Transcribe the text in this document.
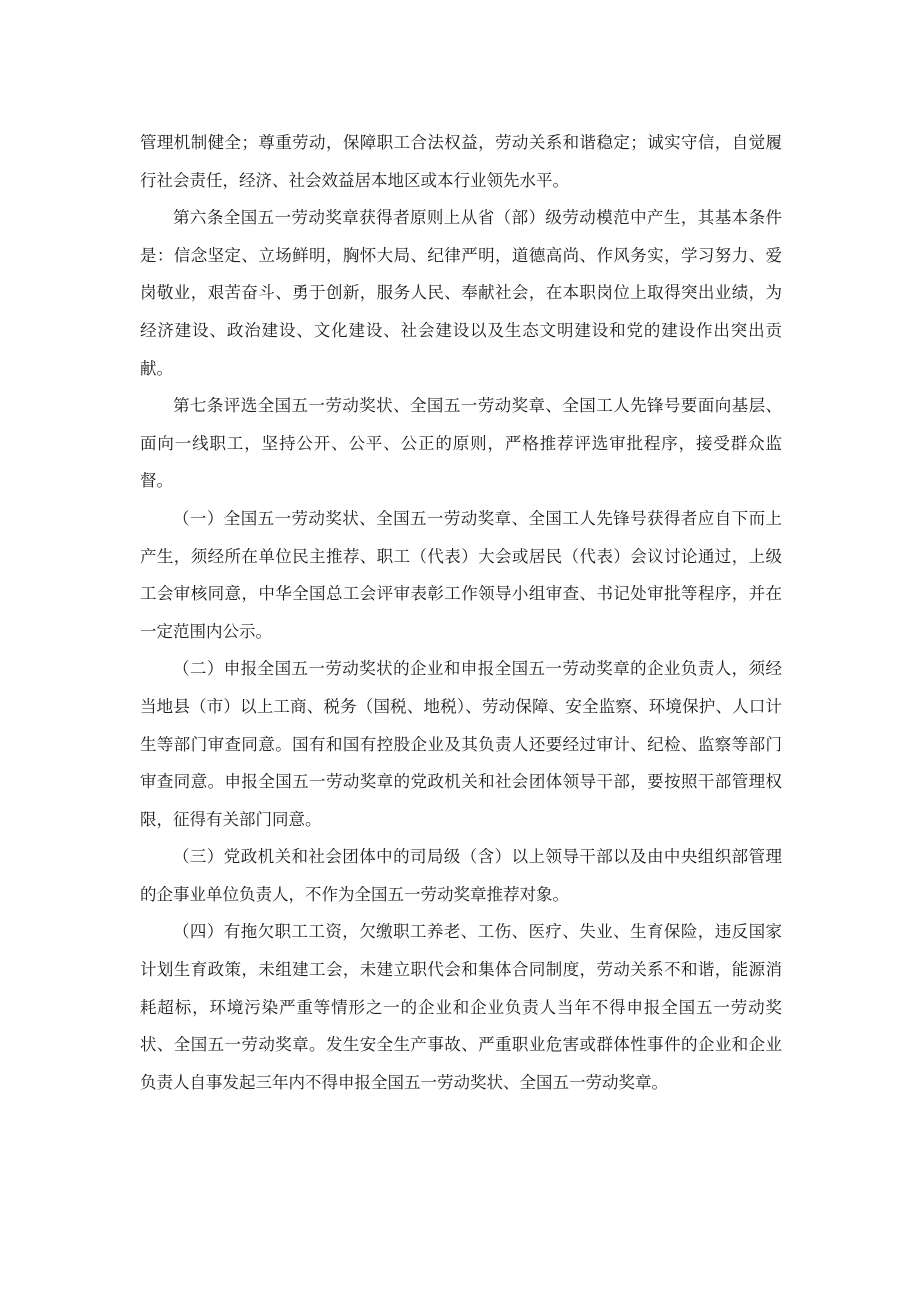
管理机制健全；尊重劳动，保障职工合法权益，劳动关系和谐稳定；诚实守信，自觉履行社会责任，经济、社会效益居本地区或本行业领先水平。

第六条全国五一劳动奖章获得者原则上从省（部）级劳动模范中产生，其基本条件是：信念坚定、立场鲜明，胸怀大局、纪律严明，道德高尚、作风务实，学习努力、爱岗敬业，艰苦奋斗、勇于创新，服务人民、奉献社会，在本职岗位上取得突出业绩，为经济建设、政治建设、文化建设、社会建设以及生态文明建设和党的建设作出突出贡献。

第七条评选全国五一劳动奖状、全国五一劳动奖章、全国工人先锋号要面向基层、面向一线职工，坚持公开、公平、公正的原则，严格推荐评选审批程序，接受群众监督。

（一）全国五一劳动奖状、全国五一劳动奖章、全国工人先锋号获得者应自下而上产生，须经所在单位民主推荐、职工（代表）大会或居民（代表）会议讨论通过，上级工会审核同意，中华全国总工会评审表彰工作领导小组审查、书记处审批等程序，并在一定范围内公示。

（二）申报全国五一劳动奖状的企业和申报全国五一劳动奖章的企业负责人，须经当地县（市）以上工商、税务（国税、地税）、劳动保障、安全监察、环境保护、人口计生等部门审查同意。国有和国有控股企业及其负责人还要经过审计、纪检、监察等部门审查同意。申报全国五一劳动奖章的党政机关和社会团体领导干部，要按照干部管理权限，征得有关部门同意。

（三）党政机关和社会团体中的司局级（含）以上领导干部以及由中央组织部管理的企事业单位负责人，不作为全国五一劳动奖章推荐对象。

（四）有拖欠职工工资，欠缴职工养老、工伤、医疗、失业、生育保险，违反国家计划生育政策，未组建工会，未建立职代会和集体合同制度，劳动关系不和谐，能源消耗超标，环境污染严重等情形之一的企业和企业负责人当年不得申报全国五一劳动奖状、全国五一劳动奖章。发生安全生产事故、严重职业危害或群体性事件的企业和企业负责人自事发起三年内不得申报全国五一劳动奖状、全国五一劳动奖章。
